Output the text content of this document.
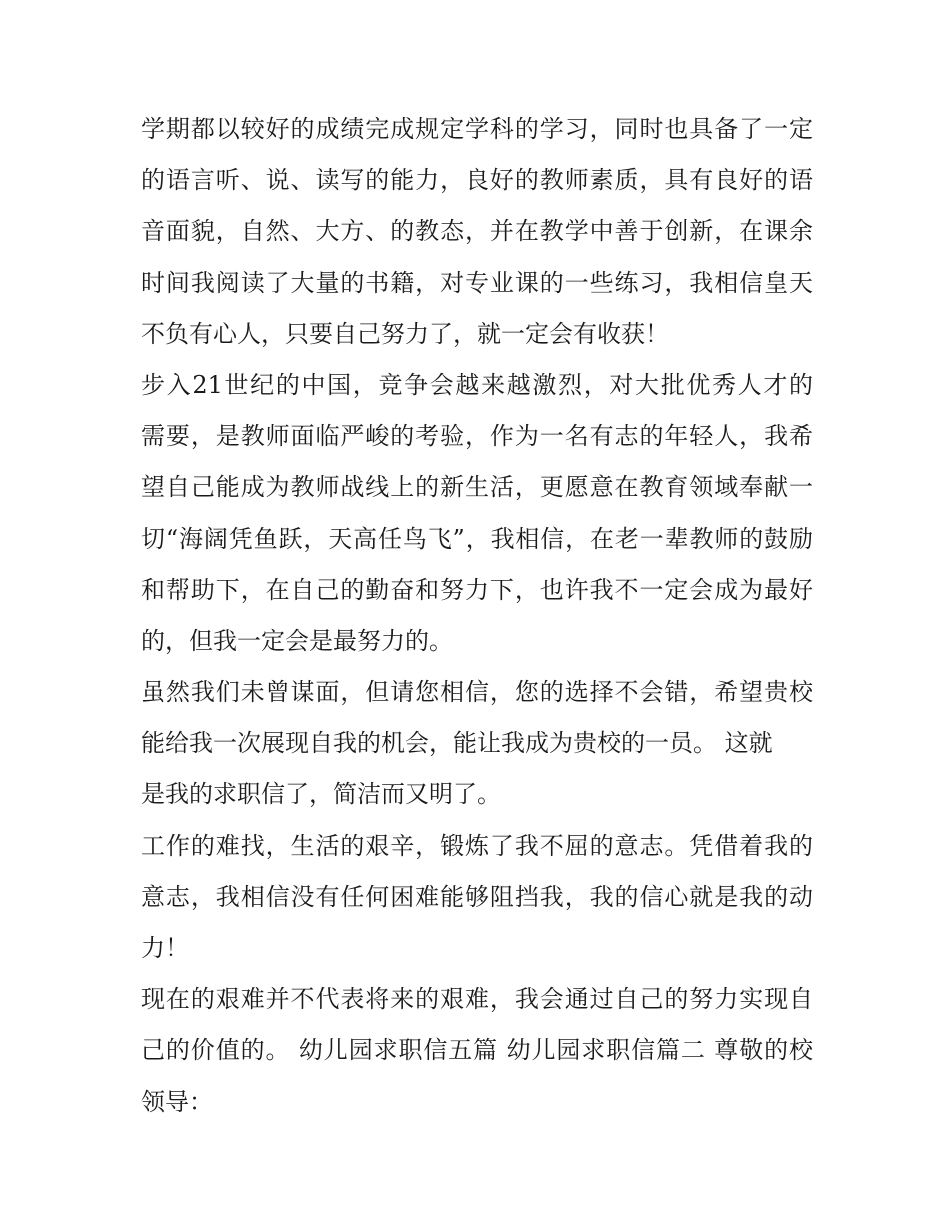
学期都以较好的成绩完成规定学科的学习，同时也具备了一定
的语言听、说、读写的能力，良好的教师素质，具有良好的语
音面貌，自然、大方、的教态，并在教学中善于创新，在课余
时间我阅读了大量的书籍，对专业课的一些练习，我相信皇天
不负有心人，只要自己努力了，就一定会有收获！
步入21世纪的中国，竞争会越来越激烈，对大批优秀人才的
需要，是教师面临严峻的考验，作为一名有志的年轻人，我希
望自己能成为教师战线上的新生活，更愿意在教育领域奉献一
切“海阔凭鱼跃，天高任鸟飞”，我相信，在老一辈教师的鼓励
和帮助下，在自己的勤奋和努力下，也许我不一定会成为最好
的，但我一定会是最努力的。
虽然我们未曾谋面，但请您相信，您的选择不会错，希望贵校
能给我一次展现自我的机会，能让我成为贵校的一员。 这就
是我的求职信了，简洁而又明了。
工作的难找，生活的艰辛，锻炼了我不屈的意志。凭借着我的
意志，我相信没有任何困难能够阻挡我，我的信心就是我的动
力！
现在的艰难并不代表将来的艰难，我会通过自己的努力实现自
己的价值的。 幼儿园求职信五篇 幼儿园求职信篇二 尊敬的校
领导：
